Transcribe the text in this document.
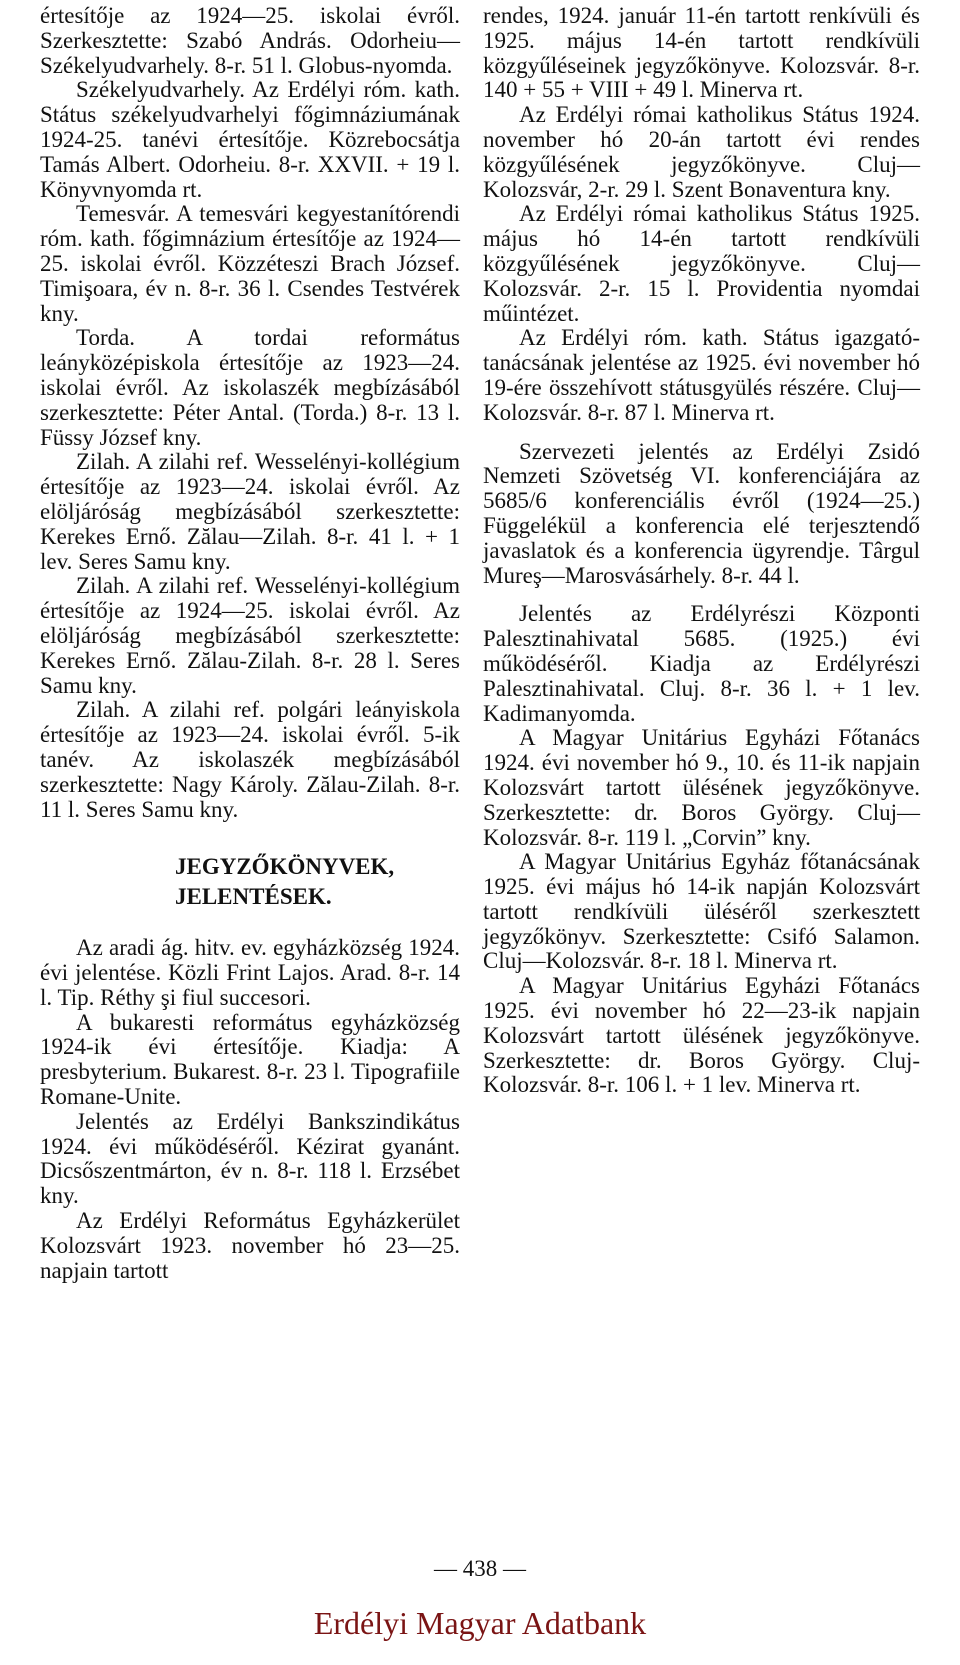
értesítője az 1924—25. iskolai évről. Szerkesztette: Szabó András. Odorheiu—Székelyudvarhely. 8-r. 51 l. Globus-nyomda.

Székelyudvarhely. Az Erdélyi róm. kath. Státus székelyudvarhelyi főgimnáziumának 1924-25. tanévi értesítője. Közrebocsátja Tamás Albert. Odorheiu. 8-r. XXVII. + 19 l. Könyvnyomda rt.

Temesvár. A temesvári kegyestanítórendi róm. kath. főgimnázium értesítője az 1924—25. iskolai évről. Közzéteszi Brach József. Timişoara, év n. 8-r. 36 l. Csendes Testvérek kny.

Torda. A tordai református leányközépiskola értesítője az 1923—24. iskolai évről. Az iskolaszék megbízásából szerkesztette: Péter Antal. (Torda.) 8-r. 13 l. Füssy József kny.

Zilah. A zilahi ref. Wesselényi-kollégium értesítője az 1923—24. iskolai évről. Az elöljáróság megbízásából szerkesztette: Kerekes Ernő. Zălau—Zilah. 8-r. 41 l. + 1 lev. Seres Samu kny.

Zilah. A zilahi ref. Wesselényi-kollégium értesítője az 1924—25. iskolai évről. Az elöljáróság megbízásából szerkesztette: Kerekes Ernő. Zălau-Zilah. 8-r. 28 l. Seres Samu kny.

Zilah. A zilahi ref. polgári leányiskola értesítője az 1923—24. iskolai évről. 5-ik tanév. Az iskolaszék megbízásából szerkesztette: Nagy Károly. Zălau-Zilah. 8-r. 11 l. Seres Samu kny.

JEGYZŐKÖNYVEK,
JELENTÉSEK.

Az aradi ág. hitv. ev. egyházközség 1924. évi jelentése. Közli Frint Lajos. Arad. 8-r. 14 l. Tip. Réthy şi fiul succesori.

A bukaresti református egyházközség 1924-ik évi értesítője. Kiadja: A presbyterium. Bukarest. 8-r. 23 l. Tipografiile Romane-Unite.

Jelentés az Erdélyi Bankszindikátus 1924. évi működéséről. Kézirat gyanánt. Dicsőszentmárton, év n. 8-r. 118 l. Erzsébet kny.

Az Erdélyi Református Egyházkerület Kolozsvárt 1923. november hó 23—25. napjain tartott

rendes, 1924. január 11-én tartott renkívüli és 1925. május 14-én tartott rendkívüli közgyűléseinek jegyzőkönyve. Kolozsvár. 8-r. 140 + 55 + VIII + 49 l. Minerva rt.

Az Erdélyi római katholikus Státus 1924. november hó 20-án tartott évi rendes közgyűlésének jegyzőkönyve. Cluj—Kolozsvár, 2-r. 29 l. Szent Bonaventura kny.

Az Erdélyi római katholikus Státus 1925. május hó 14-én tartott rendkívüli közgyűlésének jegyzőkönyve. Cluj—Kolozsvár. 2-r. 15 l. Providentia nyomdai műintézet.

Az Erdélyi róm. kath. Státus igazgató-tanácsának jelentése az 1925. évi november hó 19-ére összehívott státusgyülés részére. Cluj—Kolozsvár. 8-r. 87 l. Minerva rt.

Szervezeti jelentés az Erdélyi Zsidó Nemzeti Szövetség VI. konferenciájára az 5685/6 konferenciális évről (1924—25.) Függelékül a konferencia elé terjesztendő javaslatok és a konferencia ügyrendje. Târgul Mureş—Marosvásárhely. 8-r. 44 l.

Jelentés az Erdélyrészi Központi Palesztinahivatal 5685. (1925.) évi működéséről. Kiadja az Erdélyrészi Palesztinahivatal. Cluj. 8-r. 36 l. + 1 lev. Kadimanyomda.

A Magyar Unitárius Egyházi Főtanács 1924. évi november hó 9., 10. és 11-ik napjain Kolozsvárt tartott ülésének jegyzőkönyve. Szerkesztette: dr. Boros György. Cluj—Kolozsvár. 8-r. 119 l. „Corvin” kny.

A Magyar Unitárius Egyház főtanácsának 1925. évi május hó 14-ik napján Kolozsvárt tartott rendkívüli üléséről szerkesztett jegyzőkönyv. Szerkesztette: Csifó Salamon. Cluj—Kolozsvár. 8-r. 18 l. Minerva rt.

A Magyar Unitárius Egyházi Főtanács 1925. évi november hó 22—23-ik napjain Kolozsvárt tartott ülésének jegyzőkönyve. Szerkesztette: dr. Boros György. Cluj-Kolozsvár. 8-r. 106 l. + 1 lev. Minerva rt.

— 438 —
Erdélyi Magyar Adatbank
